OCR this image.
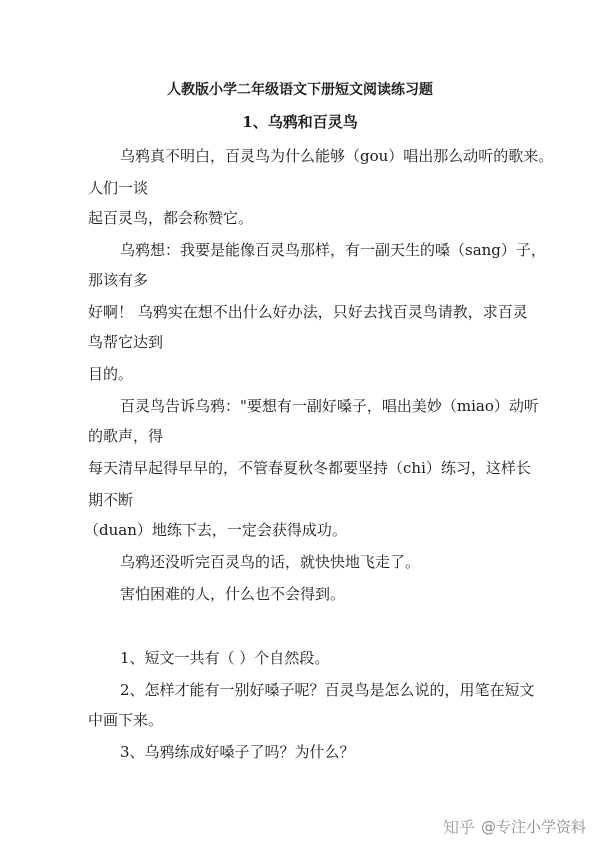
人教版小学二年级语文下册短文阅读练习题
1、乌鸦和百灵鸟
乌鸦真不明白，百灵鸟为什么能够（gou）唱出那么动听的歌来。
人们一谈
起百灵鸟，都会称赞它。
乌鸦想：我要是能像百灵鸟那样，有一副天生的嗓（sang）子，
那该有多
好啊！ 乌鸦实在想不出什么好办法，只好去找百灵鸟请教，求百灵
鸟帮它达到
目的。
百灵鸟告诉乌鸦："要想有一副好嗓子，唱出美妙（miao）动听
的歌声，得
每天清早起得早早的，不管春夏秋冬都要坚持（chi）练习，这样长
期不断
（duan）地练下去，一定会获得成功。
乌鸦还没听完百灵鸟的话，就快快地飞走了。
害怕困难的人，什么也不会得到。
1、短文一共有（ ）个自然段。
2、怎样才能有一别好嗓子呢？百灵鸟是怎么说的，用笔在短文
中画下来。
3、乌鸦练成好嗓子了吗？为什么？
知乎 @专注小学资料
